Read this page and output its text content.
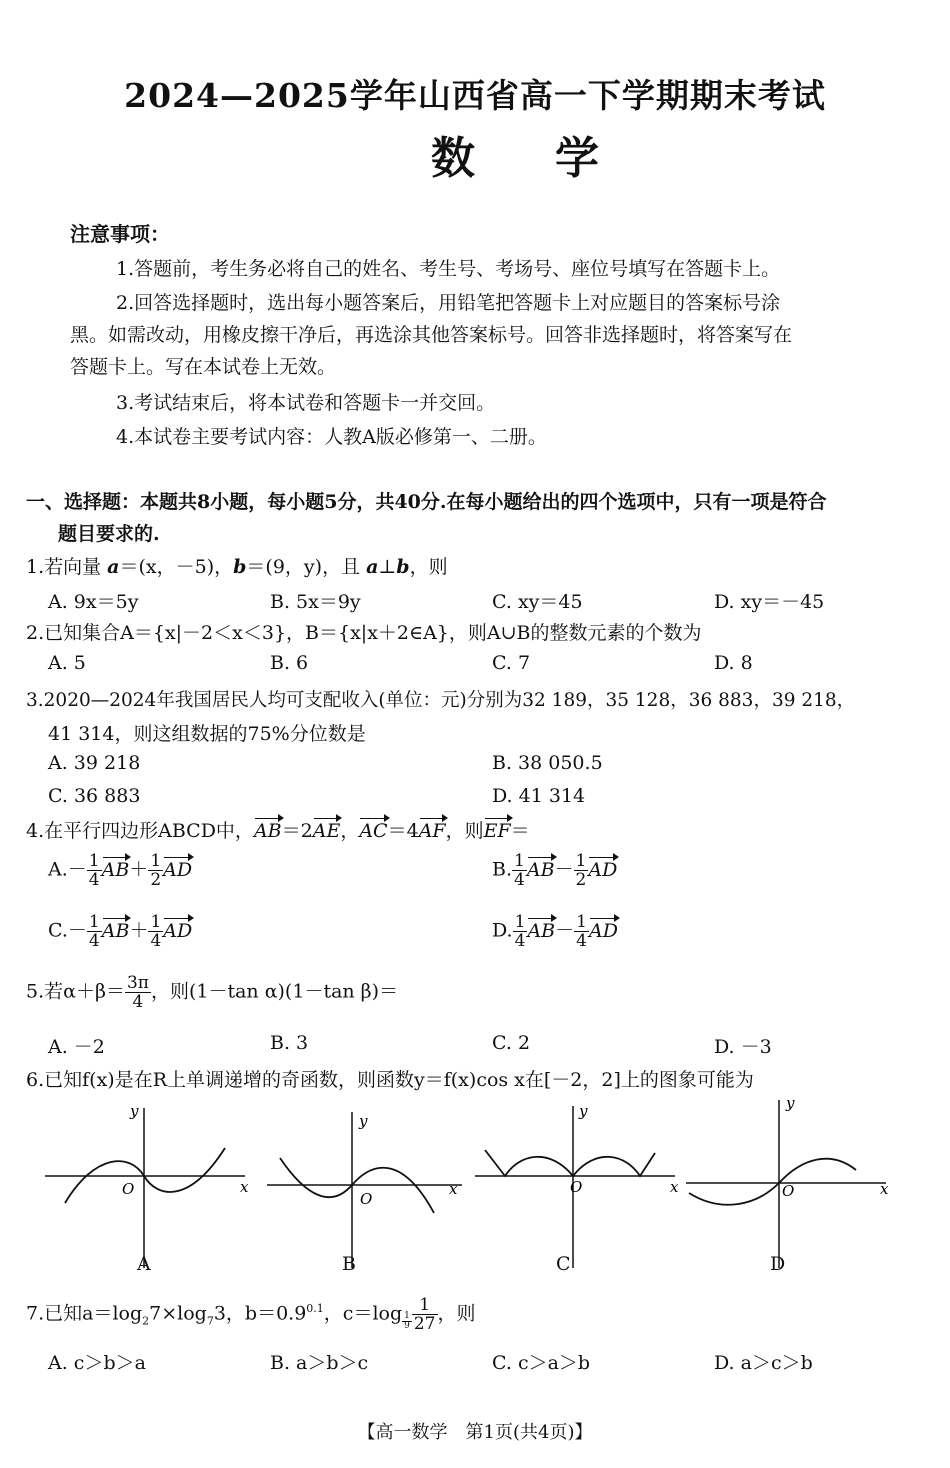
2024—2025学年山西省高一下学期期末考试
数学
注意事项：
1.答题前，考生务必将自己的姓名、考生号、考场号、座位号填写在答题卡上。
2.回答选择题时，选出每小题答案后，用铅笔把答题卡上对应题目的答案标号涂
黑。如需改动，用橡皮擦干净后，再选涂其他答案标号。回答非选择题时，将答案写在
答题卡上。写在本试卷上无效。
3.考试结束后，将本试卷和答题卡一并交回。
4.本试卷主要考试内容：人教A版必修第一、二册。
一、选择题：本题共8小题，每小题5分，共40分.在每小题给出的四个选项中，只有一项是符合
题目要求的.
1.若向量 a＝(x，－5)，b＝(9，y)，且 a⊥b，则
A. 9x＝5y	B. 5x＝9y	C. xy＝45	D. xy＝－45
2.已知集合A＝{x|－2＜x＜3}，B＝{x|x＋2∈A}，则A∪B的整数元素的个数为
A. 5	B. 6	C. 7	D. 8
3.2020—2024年我国居民人均可支配收入(单位：元)分别为32 189，35 128，36 883，39 218，
41 314，则这组数据的75%分位数是
A. 39 218	B. 38 050.5
C. 36 883	D. 41 314
4.在平行四边形ABCD中，AB＝2AE，AC＝4AF，则EF＝
$A.- \frac{1}{4} AB+ \frac{1}{2}$ AD	B. $\frac{1}{4} AB- \frac{1}{2}$ AD
$C.- \frac{1}{4} AB+ \frac{1}{4}$ AD	D. $\frac{1}{4} AB- \frac{1}{4}$ AD
5.若$\alpha+\beta= \frac{3\pi}{4}$ ，则(1－tan α)(1－tan β)＝
A. －2	B. 3	C. 2	D. －3
6.已知f(x)是在R上单调递增的奇函数，则函数y＝f(x)cos x在[－2，2]上的图象可能为
x
y
O
A
x
y
O
B
x
y
O
C
x
y
O
D
7.已知$a=\log_27\times\log_73$，$b=0.9^{0.1}$，c＝log $_{\frac{1}{9}} \frac{1}{27}$ ，则
A. c＞b＞a	B. a＞b＞c	C. c＞a＞b	D. a＞c＞b
【高一数学　第1页(共4页)】
